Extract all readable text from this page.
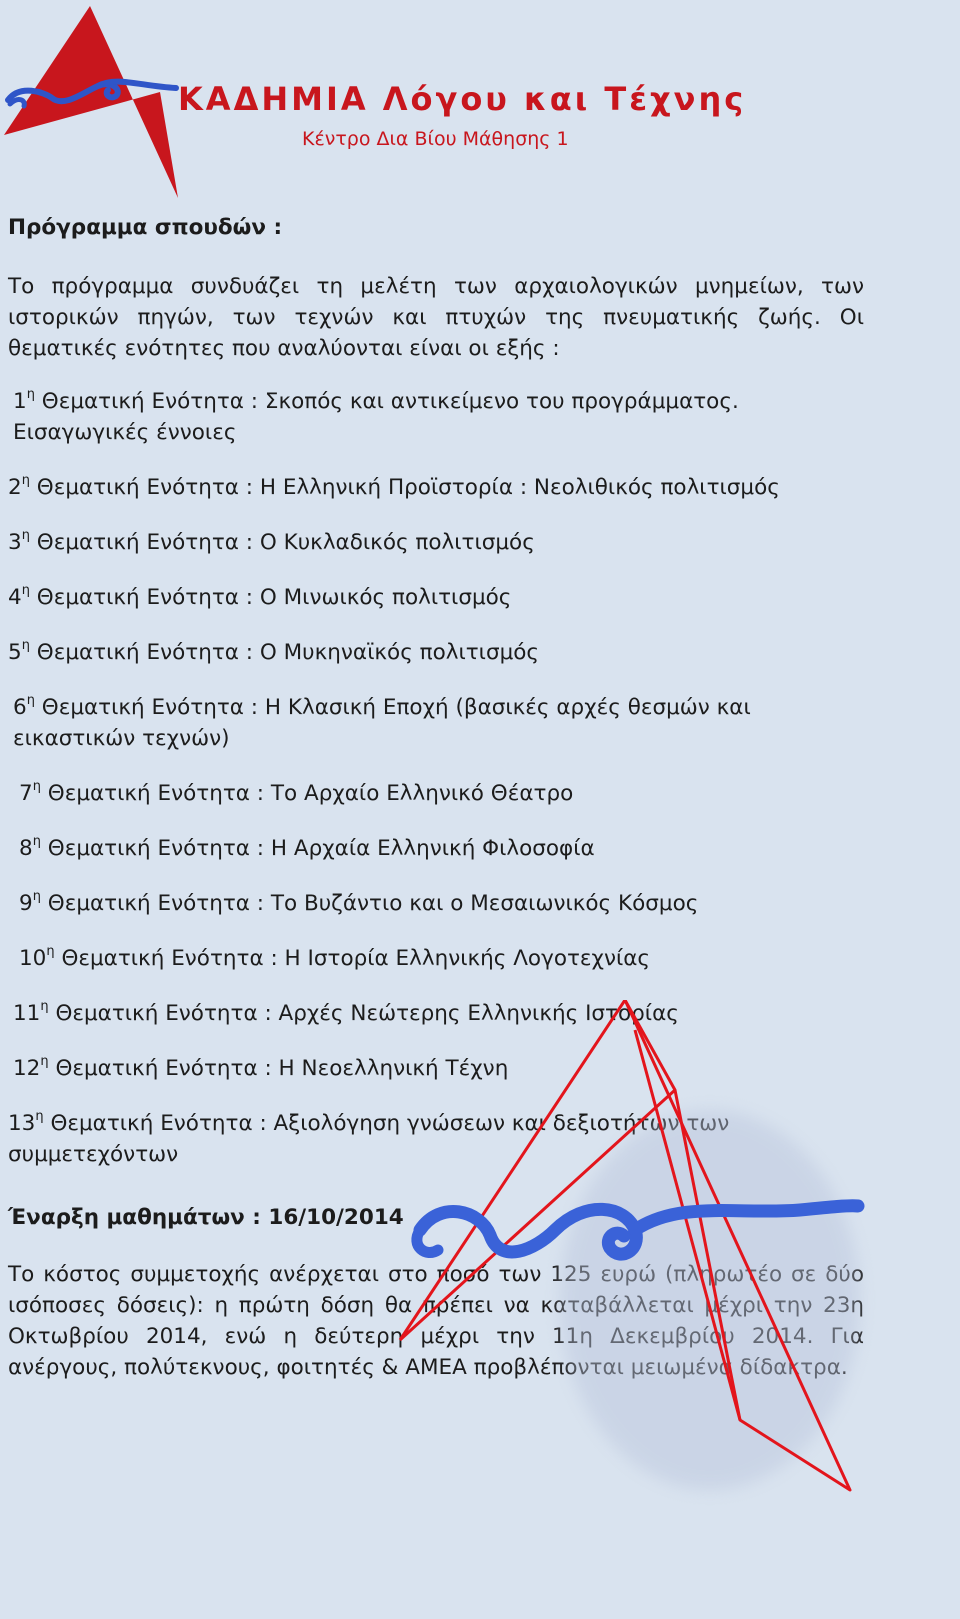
ΚΑΔΗΜΙΑ Λόγου και Τέχνης
Κέντρο Δια Βίου Μάθησης 1
Πρόγραμμα σπουδών :
Το πρόγραμμα συνδυάζει τη μελέτη των αρχαιολογικών μνημείων, των ιστορικών πηγών, των τεχνών και πτυχών της πνευματικής ζωής. Οι θεματικές ενότητες που αναλύονται είναι οι εξής :
$1^\eta$ Θεματική Ενότητα : Σκοπός και αντικείμενο του προγράμματος. Εισαγωγικές έννοιες
$2^\eta$ Θεματική Ενότητα : Η Ελληνική Προϊστορία : Νεολιθικός πολιτισμός
$3^\eta$ Θεματική Ενότητα : Ο Κυκλαδικός πολιτισμός
$4^\eta$ Θεματική Ενότητα : Ο Μινωικός πολιτισμός
$5^\eta$ Θεματική Ενότητα : Ο Μυκηναϊκός πολιτισμός
$6^\eta$ Θεματική Ενότητα : Η Κλασική Εποχή (βασικές αρχές θεσμών και εικαστικών τεχνών)
$7^\eta$ Θεματική Ενότητα : Το Αρχαίο Ελληνικό Θέατρο
$8^\eta$ Θεματική Ενότητα : Η Αρχαία Ελληνική Φιλοσοφία
$9^\eta$ Θεματική Ενότητα : Το Βυζάντιο και ο Μεσαιωνικός Κόσμος
$10^\eta$ Θεματική Ενότητα : Η Ιστορία Ελληνικής Λογοτεχνίας
$11^\eta$ Θεματική Ενότητα : Αρχές Νεώτερης Ελληνικής Ιστορίας
$12^\eta$ Θεματική Ενότητα : Η Νεοελληνική Τέχνη
$13^\eta$ Θεματική Ενότητα : Αξιολόγηση γνώσεων και δεξιοτήτων των συμμετεχόντων
Έναρξη μαθημάτων : 16/10/2014
Το κόστος συμμετοχής ανέρχεται στο ποσό των 125 ευρώ (πληρωτέο σε δύο ισόποσες δόσεις): η πρώτη δόση θα πρέπει να καταβάλλεται μέχρι την 23η Οκτωβρίου 2014, ενώ η δεύτερη μέχρι την 11η Δεκεμβρίου 2014. Για ανέργους, πολύτεκνους, φοιτητές & ΑΜΕΑ προβλέπονται μειωμένα δίδακτρα.
